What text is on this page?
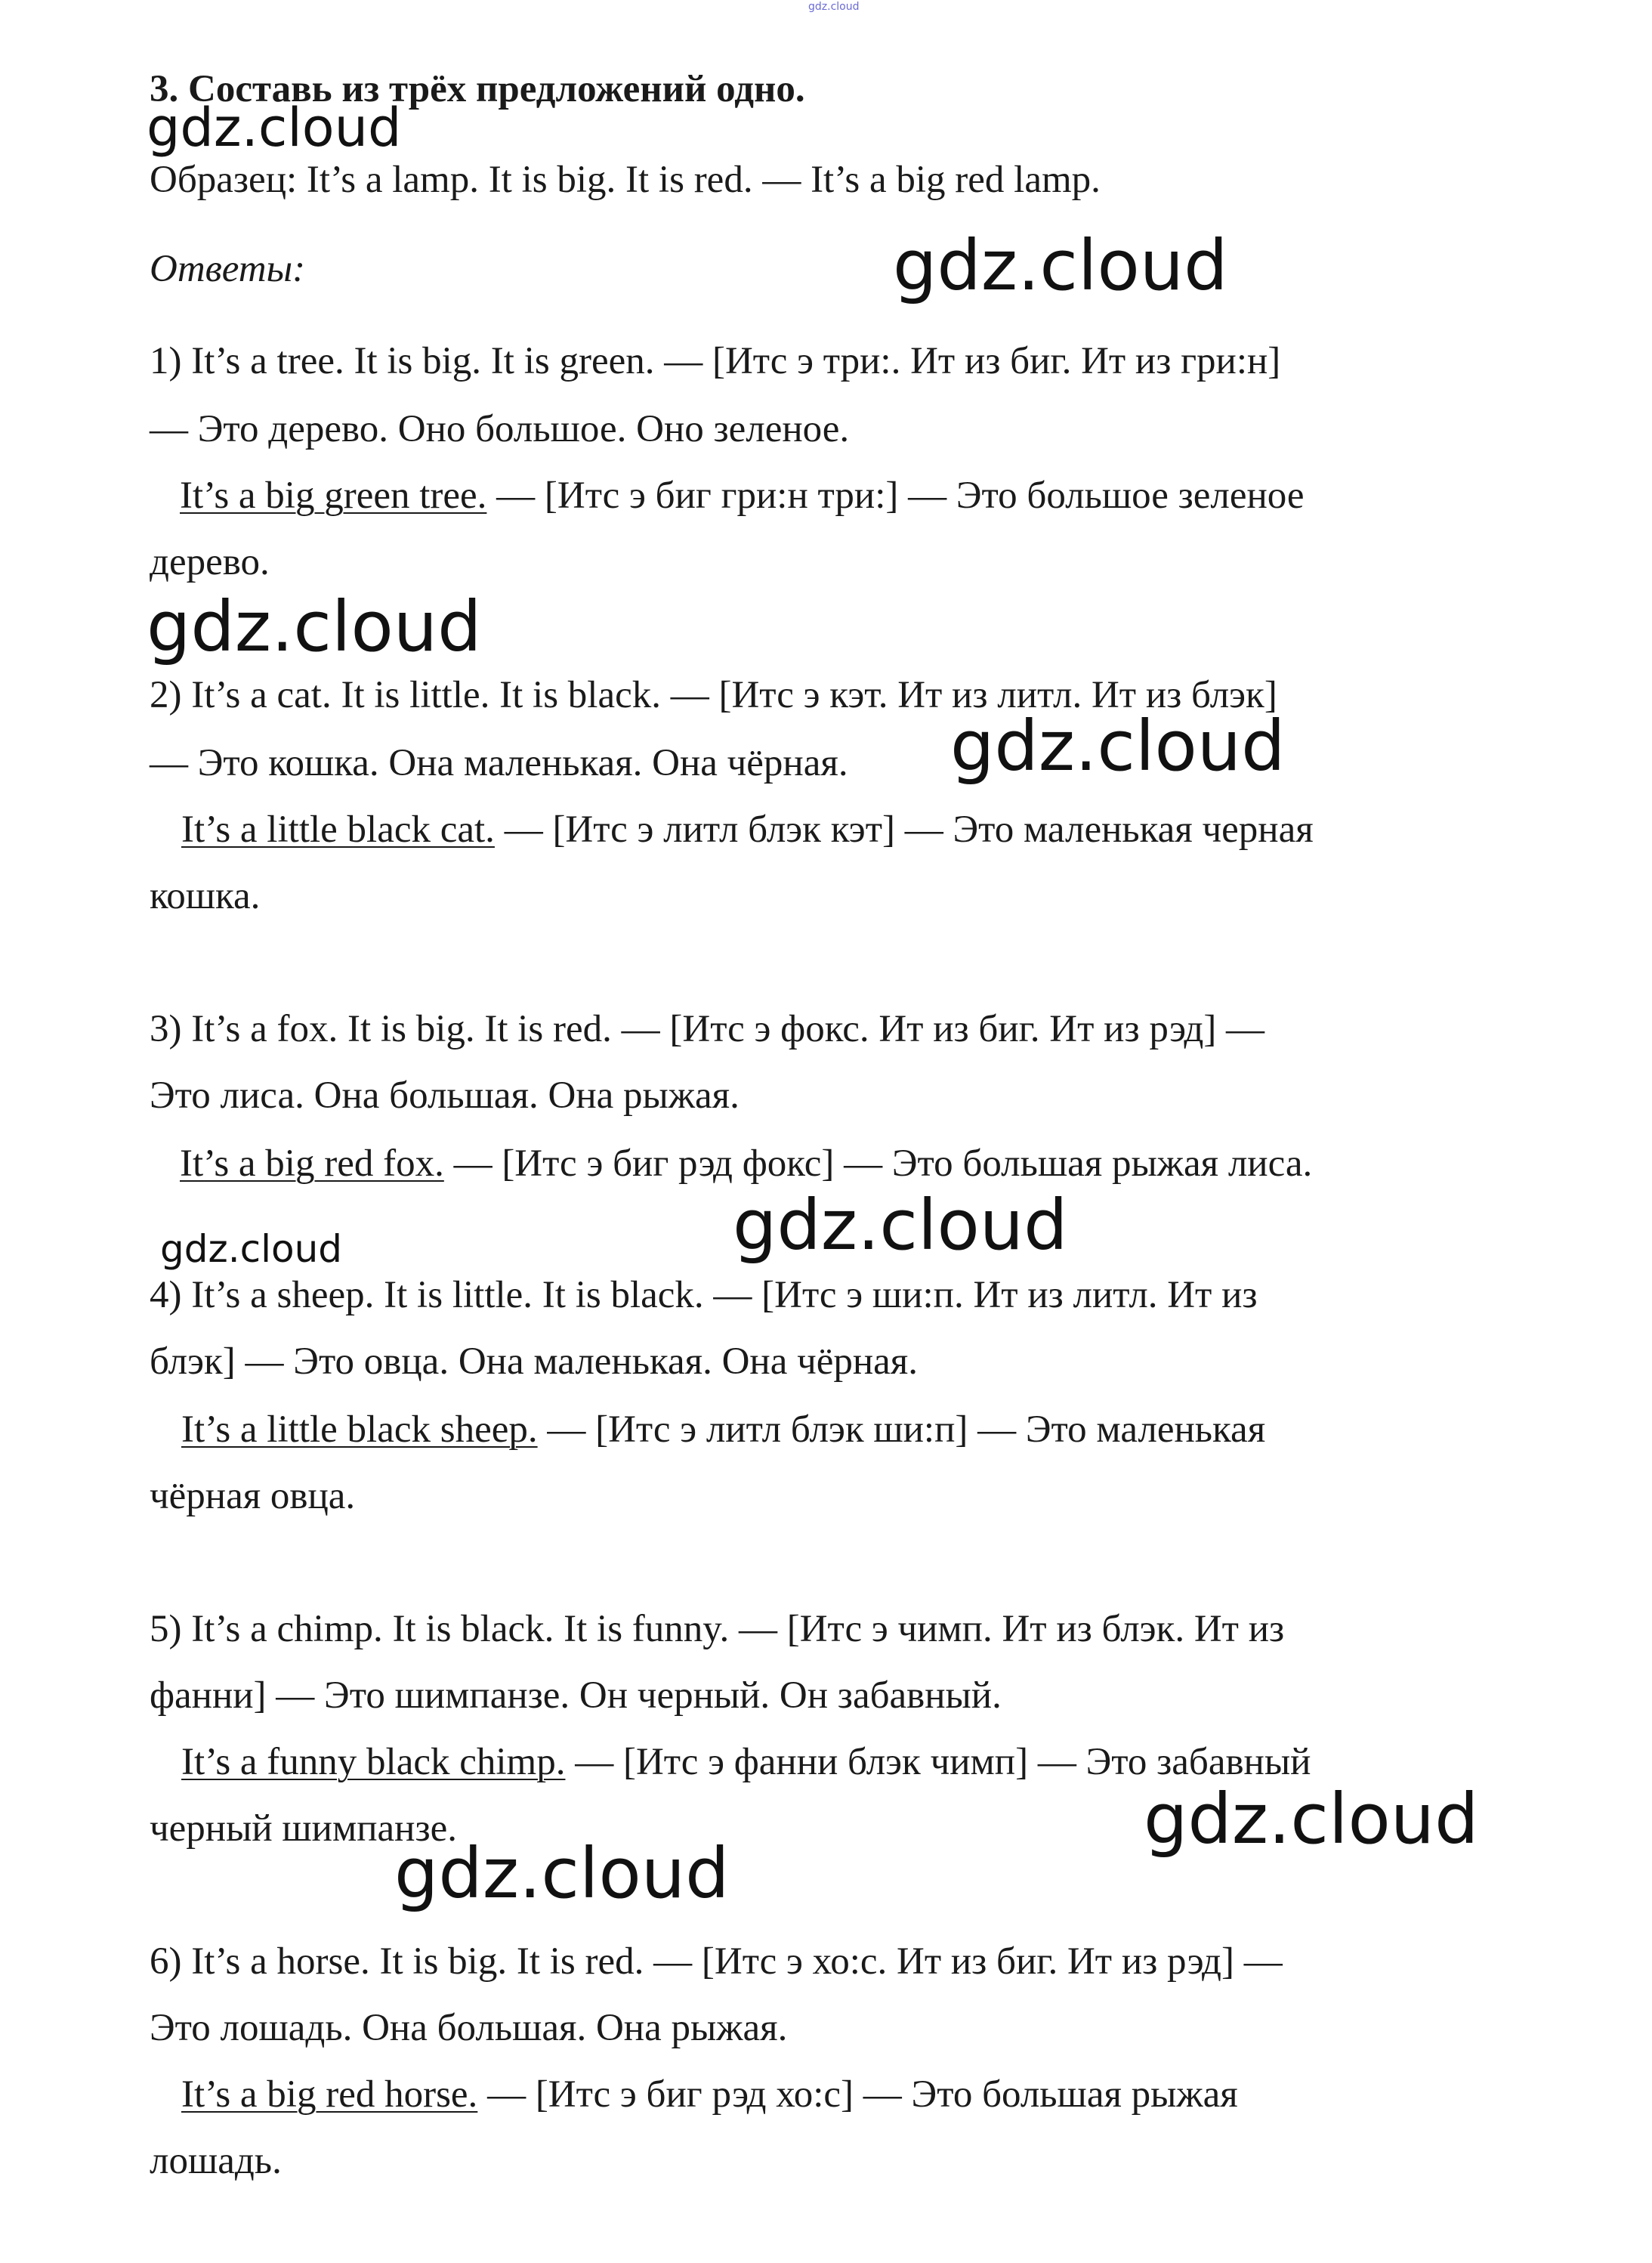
gdz.cloud
3. Составь из трёх предложений одно.
Образец: It’s a lamp. It is big. It is red. — It’s a big red lamp.
Ответы:
1) It’s a tree. It is big. It is green. — [Итс э три:. Ит из биг. Ит из гри:н]
— Это дерево. Оно большое. Оно зеленое.
It’s a big green tree. — [Итс э биг гри:н три:] — Это большое зеленое
дерево.
2) It’s a cat. It is little. It is black. — [Итс э кэт. Ит из литл. Ит из блэк]
— Это кошка. Она маленькая. Она чёрная.
It’s a little black cat. — [Итс э литл блэк кэт] — Это маленькая черная
кошка.
3) It’s a fox. It is big. It is red. — [Итс э фокс. Ит из биг. Ит из рэд] —
Это лиса. Она большая. Она рыжая.
It’s a big red fox. — [Итс э биг рэд фокс] — Это большая рыжая лиса.
4) It’s a sheep. It is little. It is black. — [Итс э ши:п. Ит из литл. Ит из
блэк] — Это овца. Она маленькая. Она чёрная.
It’s a little black sheep. — [Итс э литл блэк ши:п] — Это маленькая
чёрная овца.
5) It’s a chimp. It is black. It is funny. — [Итс э чимп. Ит из блэк. Ит из
фанни] — Это шимпанзе. Он черный. Он забавный.
It’s a funny black chimp. — [Итс э фанни блэк чимп] — Это забавный
черный шимпанзе.
6) It’s a horse. It is big. It is red. — [Итс э хо:с. Ит из биг. Ит из рэд] —
Это лошадь. Она большая. Она рыжая.
It’s a big red horse. — [Итс э биг рэд хо:с] — Это большая рыжая
лошадь.
gdz.cloud
gdz.cloud
gdz.cloud
gdz.cloud
gdz.cloud
gdz.cloud
gdz.cloud
gdz.cloud
